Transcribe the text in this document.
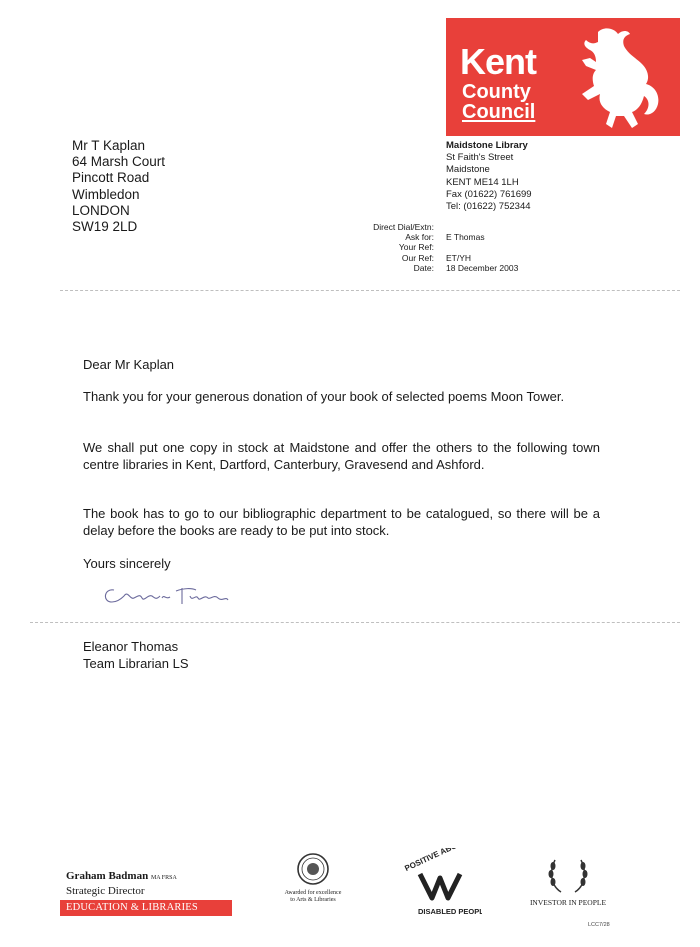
Kent
County
Council
Mr T Kaplan
64 Marsh Court
Pincott Road
Wimbledon
LONDON
SW19 2LD
Maidstone Library
St Faith's Street
Maidstone
KENT ME14 1LH
Fax (01622) 761699
Tel: (01622) 752344
Direct Dial/Extn:
Ask for:	E Thomas
Your Ref:
Our Ref:	ET/YH
Date:	18 December 2003
Dear Mr Kaplan
Thank you for your generous donation of your book of selected poems Moon Tower.
We shall put one copy in stock at Maidstone and offer the others to the following town centre libraries in Kent, Dartford, Canterbury, Gravesend and Ashford.
The book has to go to our bibliographic department to be catalogued, so there will be a delay before the books are ready to be put into stock.
Yours sincerely
Eleanor Thomas
Team Librarian LS
Graham Badman MA FRSA
Strategic Director
EDUCATION & LIBRARIES
Awarded for excellence
to Arts & Libraries
POSITIVE ABOUT
DISABLED PEOPLE
INVESTOR IN PEOPLE
LCC7/28
